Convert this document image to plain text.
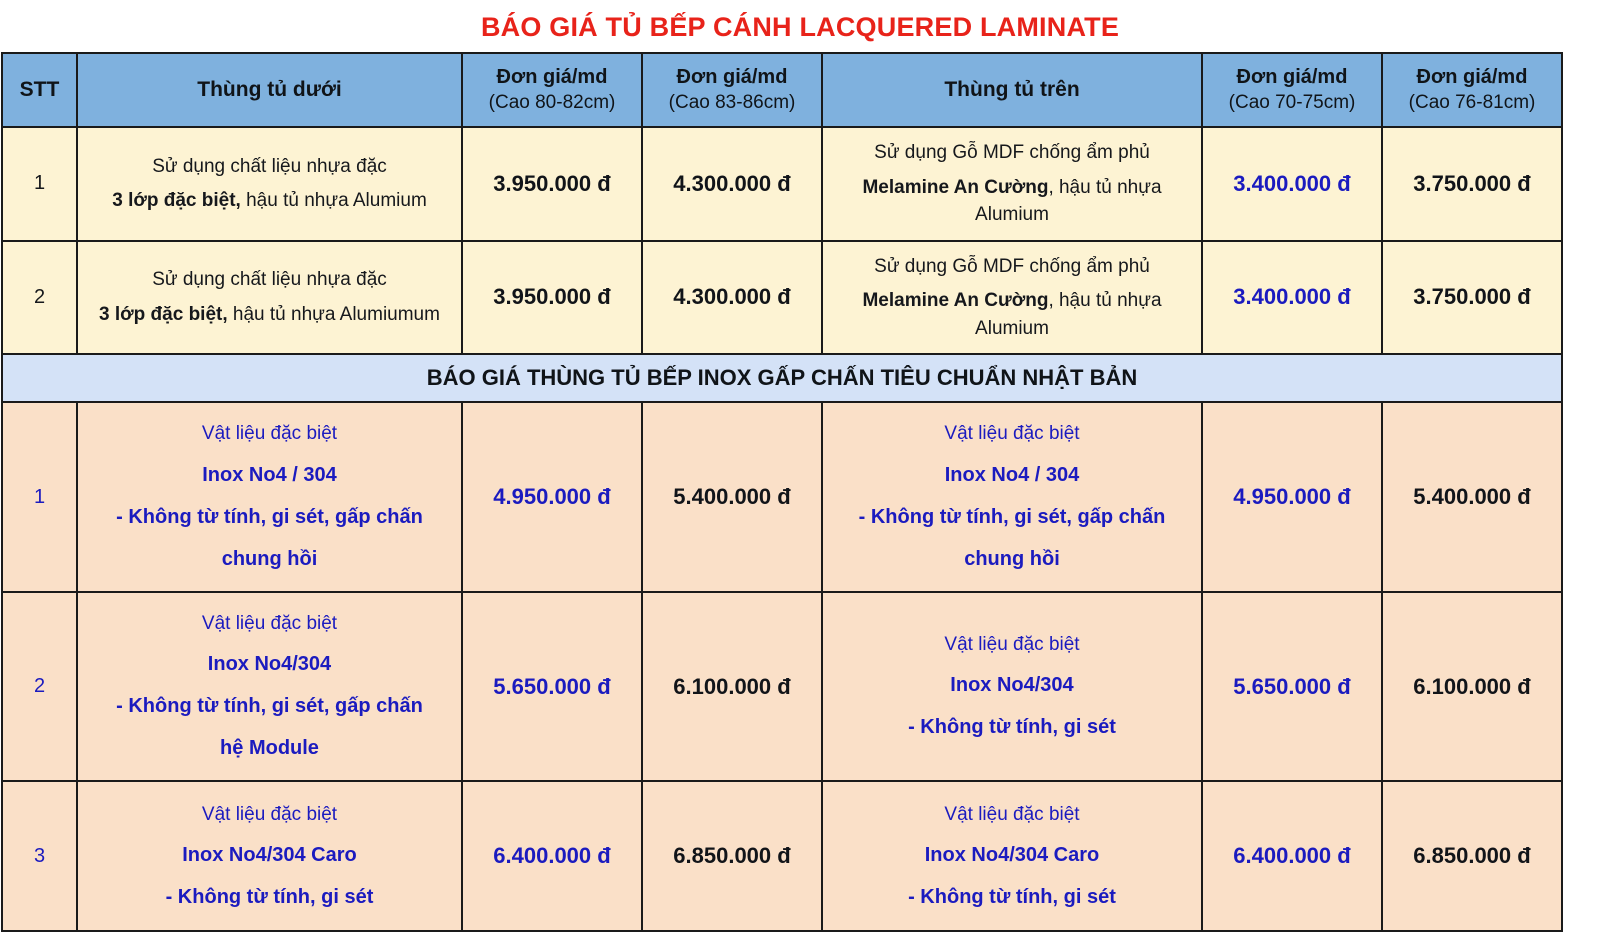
BÁO GIÁ TỦ BẾP CÁNH LACQUERED LAMINATE
STT	Thùng tủ dưới	Đơn giá/md
(Cao 80-82cm)	Đơn giá/md
(Cao 83-86cm)	Thùng tủ trên	Đơn giá/md
(Cao 70-75cm)	Đơn giá/md
(Cao 76-81cm)

1	Sử dụng chất liệu nhựa đặc
3 lớp đặc biệt, hậu tủ nhựa Alumium	3.950.000 đ	4.300.000 đ	Sử dụng Gỗ MDF chống ẩm phủ
Melamine An Cường, hậu tủ nhựa Alumium	3.400.000 đ	3.750.000 đ
2	Sử dụng chất liệu nhựa đặc
3 lớp đặc biệt, hậu tủ nhựa Alumiumum	3.950.000 đ	4.300.000 đ	Sử dụng Gỗ MDF chống ẩm phủ
Melamine An Cường, hậu tủ nhựa Alumium	3.400.000 đ	3.750.000 đ
BÁO GIÁ THÙNG TỦ BẾP INOX GẤP CHẤN TIÊU CHUẨN NHẬT BẢN						
1	Vật liệu đặc biệt
Inox No4 / 304
- Không từ tính, gi sét, gấp chấn
chung hồi	4.950.000 đ	5.400.000 đ	Vật liệu đặc biệt
Inox No4 / 304
- Không từ tính, gi sét, gấp chấn
chung hồi	4.950.000 đ	5.400.000 đ
2	Vật liệu đặc biệt
Inox No4/304
- Không từ tính, gi sét, gấp chấn
hệ Module	5.650.000 đ	6.100.000 đ	Vật liệu đặc biệt
Inox No4/304
- Không từ tính, gi sét	5.650.000 đ	6.100.000 đ
3	Vật liệu đặc biệt
Inox No4/304 Caro
- Không từ tính, gi sét	6.400.000 đ	6.850.000 đ	Vật liệu đặc biệt
Inox No4/304 Caro
- Không từ tính, gi sét	6.400.000 đ	6.850.000 đ
